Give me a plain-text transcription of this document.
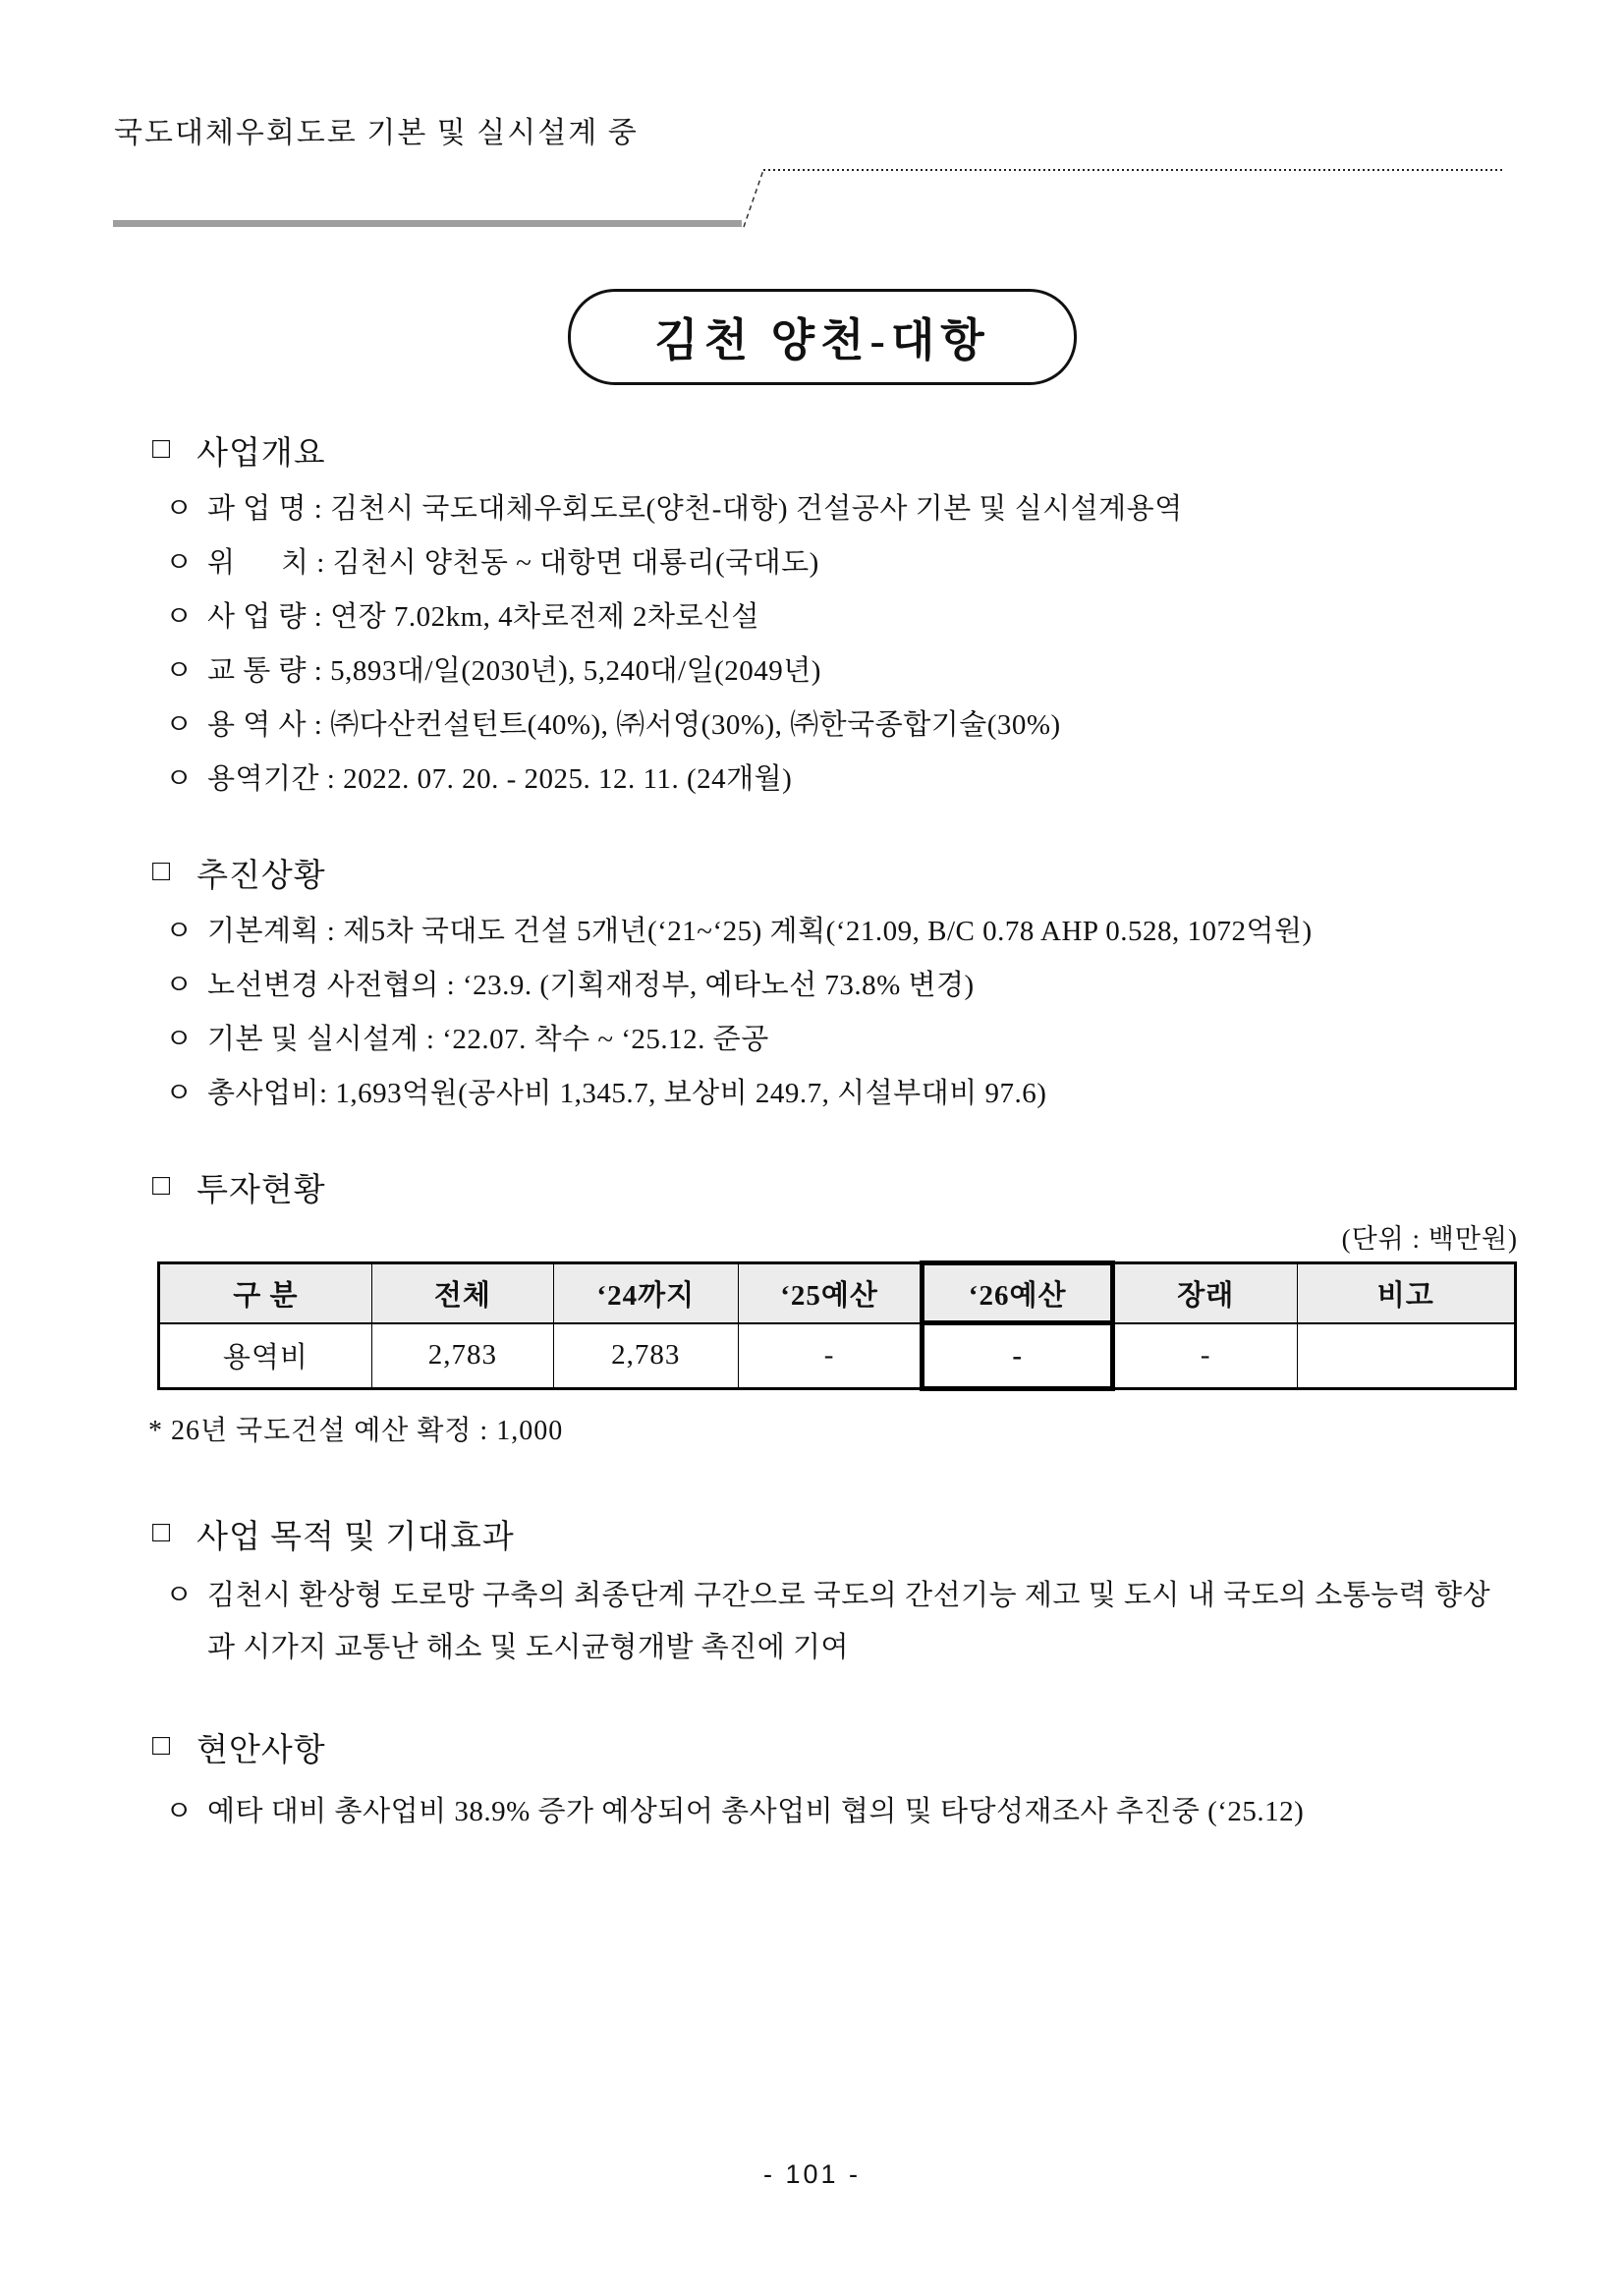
국도대체우회도로 기본 및 실시설계 중
김천 양천-대항
□ 사업개요
ㅇ 과 업 명 : 김천시 국도대체우회도로(양천-대항) 건설공사 기본 및 실시설계용역
ㅇ 위      치 : 김천시 양천동 ~ 대항면 대룡리(국대도)
ㅇ 사 업 량 : 연장 7.02km, 4차로전제 2차로신설
ㅇ 교 통 량 : 5,893대/일(2030년), 5,240대/일(2049년)
ㅇ 용 역 사 : ㈜다산컨설턴트(40%), ㈜서영(30%), ㈜한국종합기술(30%)
ㅇ 용역기간 : 2022. 07. 20. - 2025. 12. 11. (24개월)
□ 추진상황
ㅇ 기본계획 : 제5차 국대도 건설 5개년(‘21~‘25) 계획(‘21.09, B/C 0.78 AHP 0.528, 1072억원)
ㅇ 노선변경 사전협의 : ‘23.9. (기획재정부, 예타노선 73.8% 변경)
ㅇ 기본 및 실시설계 : ‘22.07. 착수 ~ ‘25.12. 준공
ㅇ 총사업비: 1,693억원(공사비 1,345.7, 보상비 249.7, 시설부대비 97.6)
□ 투자현황
(단위 : 백만원)
구 분	전체	‘24까지	‘25예산	‘26예산	장래	비고
용역비	2,783	2,783	-	-	-	
* 26년 국도건설 예산 확정 : 1,000
□ 사업 목적 및 기대효과
ㅇ 김천시 환상형 도로망 구축의 최종단계 구간으로 국도의 간선기능 제고 및 도시 내 국도의 소통능력 향상과 시가지 교통난 해소 및 도시균형개발 촉진에 기여
□ 현안사항
ㅇ 예타 대비 총사업비 38.9% 증가 예상되어 총사업비 협의 및 타당성재조사 추진중 (‘25.12)
- 101 -
